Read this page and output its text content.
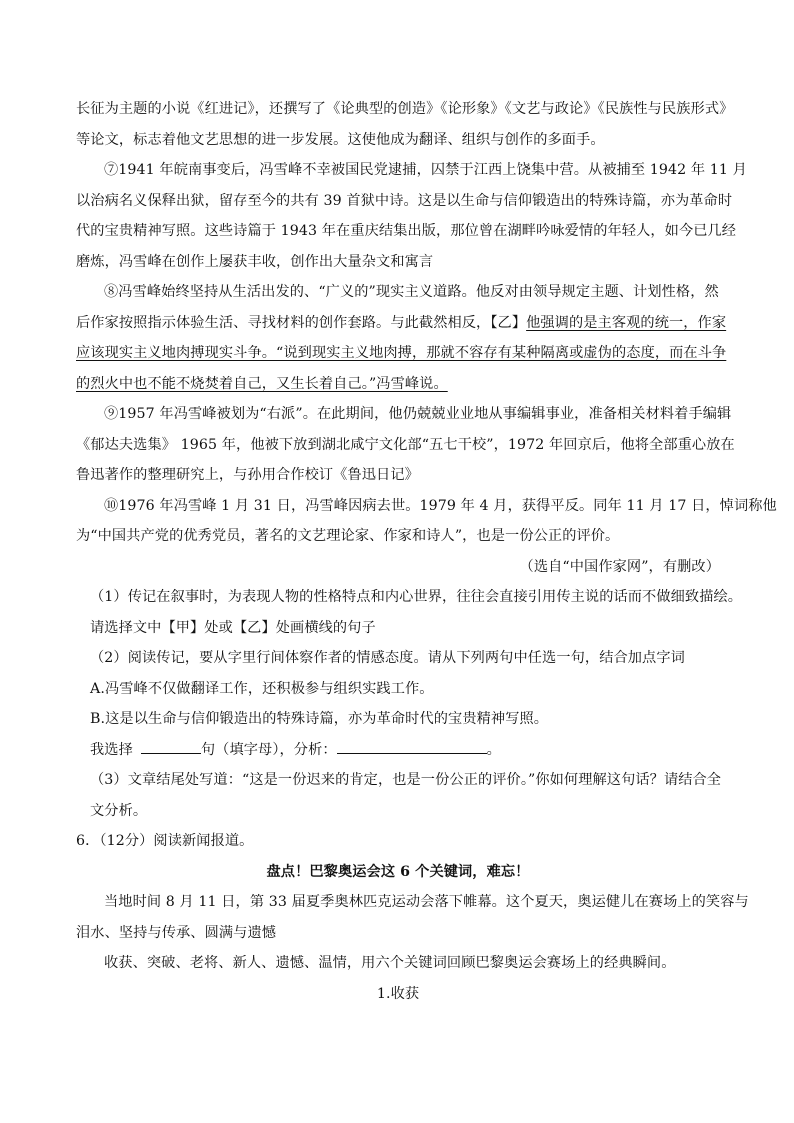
长征为主题的小说《红进记》，还撰写了《论典型的创造》《论形象》《文艺与政论》《民族性与民族形式》
等论文，标志着他文艺思想的进一步发展。这使他成为翻译、组织与创作的多面手。
⑦1941 年皖南事变后，冯雪峰不幸被国民党逮捕，囚禁于江西上饶集中营。从被捕至 1942 年 11 月
以治病名义保释出狱，留存至今的共有 39 首狱中诗。这是以生命与信仰锻造出的特殊诗篇，亦为革命时
代的宝贵精神写照。这些诗篇于 1943 年在重庆结集出版，那位曾在湖畔吟咏爱情的年轻人，如今已几经
磨炼，冯雪峰在创作上屡获丰收，创作出大量杂文和寓言
⑧冯雪峰始终坚持从生活出发的、“广义的”现实主义道路。他反对由领导规定主题、计划性格，然
后作家按照指示体验生活、寻找材料的创作套路。与此截然相反，【乙】他强调的是主客观的统一，作家
应该现实主义地肉搏现实斗争。“说到现实主义地肉搏，那就不容存有某种隔离或虚伪的态度，而在斗争
的烈火中也不能不烧焚着自己，又生长着自己。”冯雪峰说。
⑨1957 年冯雪峰被划为“右派”。在此期间，他仍兢兢业业地从事编辑事业，准备相关材料着手编辑
《郁达夫选集》 1965 年，他被下放到湖北咸宁文化部“五七干校”，1972 年回京后，他将全部重心放在
鲁迅著作的整理研究上，与孙用合作校订《鲁迅日记》
⑩1976 年冯雪峰 1 月 31 日，冯雪峰因病去世。1979 年 4 月，获得平反。同年 11 月 17 日，悼词称他
为“中国共产党的优秀党员，著名的文艺理论家、作家和诗人”，也是一份公正的评价。
（选自“中国作家网”，有删改）
（1）传记在叙事时，为表现人物的性格特点和内心世界，往往会直接引用传主说的话而不做细致描绘。
请选择文中【甲】处或【乙】处画横线的句子
（2）阅读传记，要从字里行间体察作者的情感态度。请从下列两句中任选一句，结合加点字词
A.冯雪峰不仅做翻译工作，还积极参与组织实践工作。
B.这是以生命与信仰锻造出的特殊诗篇，亦为革命时代的宝贵精神写照。
我选择	句（填字母），分析：	。
（3）文章结尾处写道：“这是一份迟来的肯定，也是一份公正的评价。”你如何理解这句话？请结合全
文分析。
6．（12分）阅读新闻报道。
盘点！巴黎奥运会这 6 个关键词，难忘！
当地时间 8 月 11 日，第 33 届夏季奥林匹克运动会落下帷幕。这个夏天，奥运健儿在赛场上的笑容与
泪水、坚持与传承、圆满与遗憾
收获、突破、老将、新人、遗憾、温情，用六个关键词回顾巴黎奥运会赛场上的经典瞬间。
1.收获
